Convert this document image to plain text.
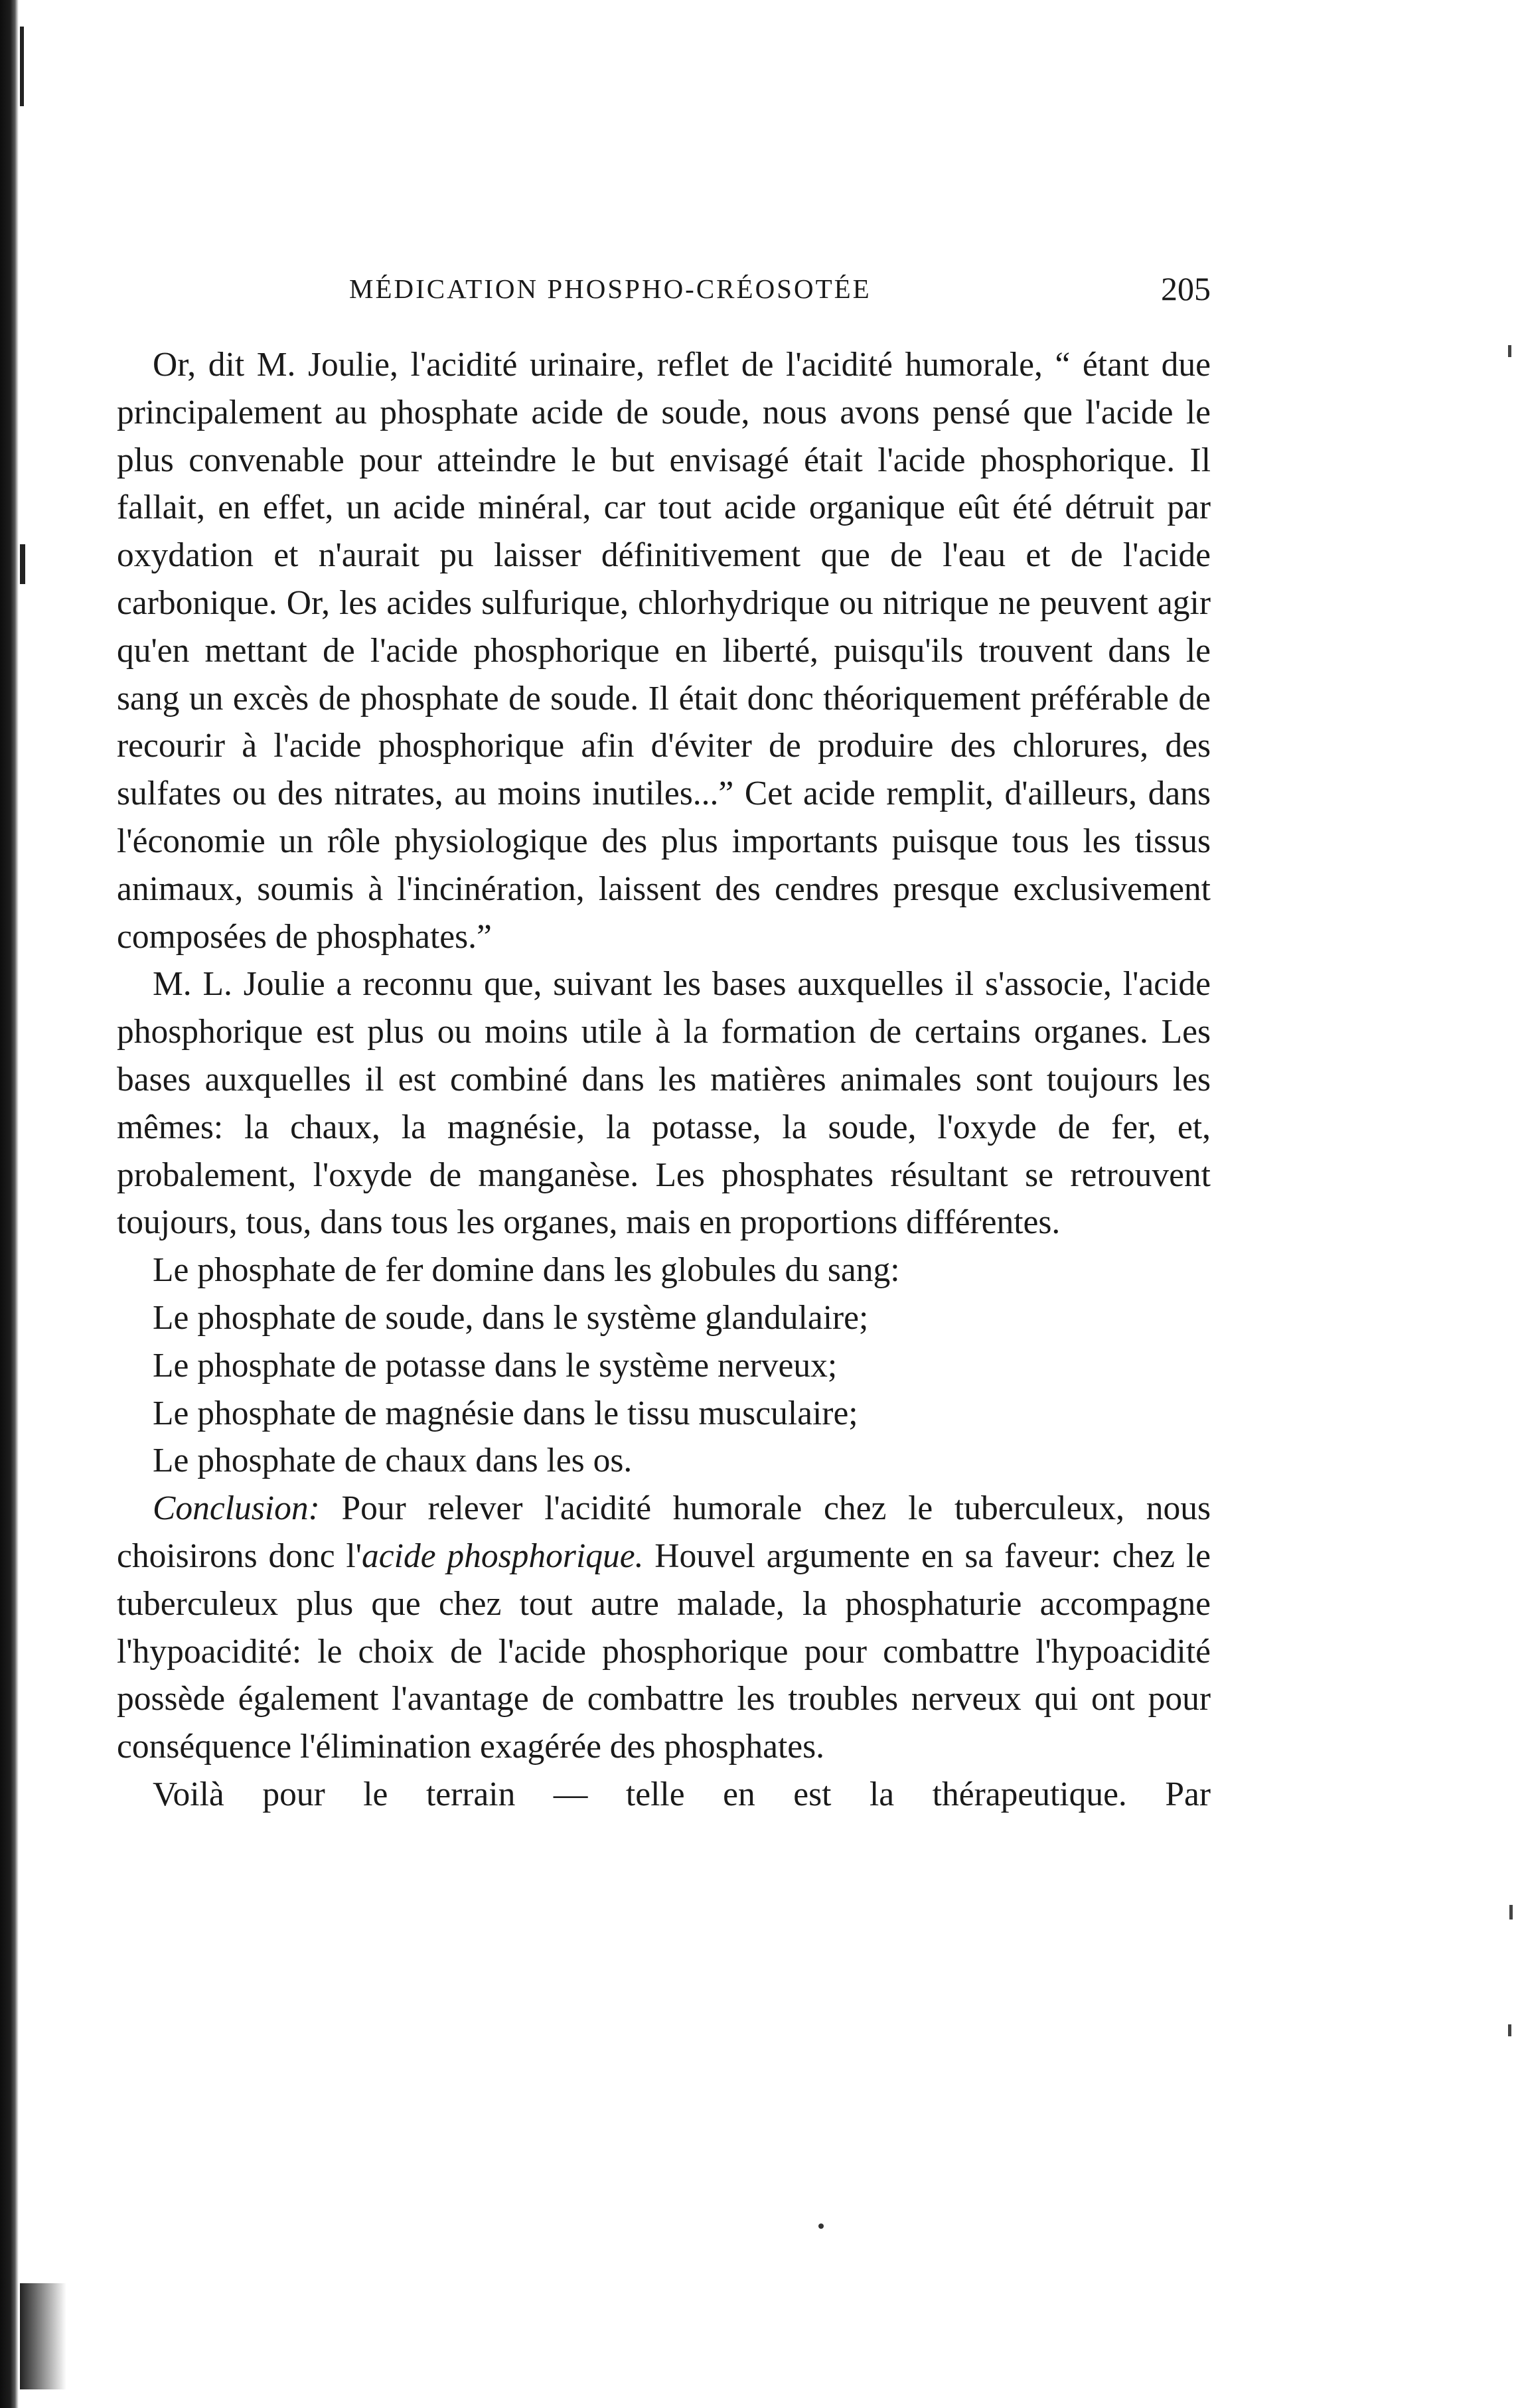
MÉDICATION PHOSPHO-CRÉOSOTÉE	205

Or, dit M. Joulie, l'acidité urinaire, reflet de l'acidité humorale, “ étant due principalement au phosphate acide de soude, nous avons pensé que l'acide le plus convenable pour atteindre le but envisagé était l'acide phosphorique. Il fallait, en effet, un acide minéral, car tout acide organique eût été détruit par oxydation et n'aurait pu laisser définitivement que de l'eau et de l'acide carbonique. Or, les acides sulfurique, chlorhydrique ou nitrique ne peuvent agir qu'en mettant de l'acide phosphorique en liberté, puisqu'ils trouvent dans le sang un excès de phosphate de soude. Il était donc théoriquement préférable de recourir à l'acide phosphorique afin d'éviter de produire des chlorures, des sulfates ou des nitrates, au moins inutiles...” Cet acide remplit, d'ailleurs, dans l'économie un rôle physiologique des plus importants puisque tous les tissus animaux, soumis à l'incinération, laissent des cendres presque exclusivement composées de phosphates.”

M. L. Joulie a reconnu que, suivant les bases auxquelles il s'associe, l'acide phosphorique est plus ou moins utile à la formation de certains organes. Les bases auxquelles il est combiné dans les matières animales sont toujours les mêmes: la chaux, la magnésie, la potasse, la soude, l'oxyde de fer, et, probalement, l'oxyde de manganèse. Les phosphates résultant se retrouvent toujours, tous, dans tous les organes, mais en proportions différentes.

Le phosphate de fer domine dans les globules du sang:

Le phosphate de soude, dans le système glandulaire;

Le phosphate de potasse dans le système nerveux;

Le phosphate de magnésie dans le tissu musculaire;

Le phosphate de chaux dans les os.

Conclusion: Pour relever l'acidité humorale chez le tuberculeux, nous choisirons donc l'acide phosphorique. Houvel argumente en sa faveur: chez le tuberculeux plus que chez tout autre malade, la phosphaturie accompagne l'hypoacidité: le choix de l'acide phosphorique pour combattre l'hypoacidité possède également l'avantage de combattre les troubles nerveux qui ont pour conséquence l'élimination exagérée des phosphates.

Voilà pour le terrain — telle en est la thérapeutique. Par
